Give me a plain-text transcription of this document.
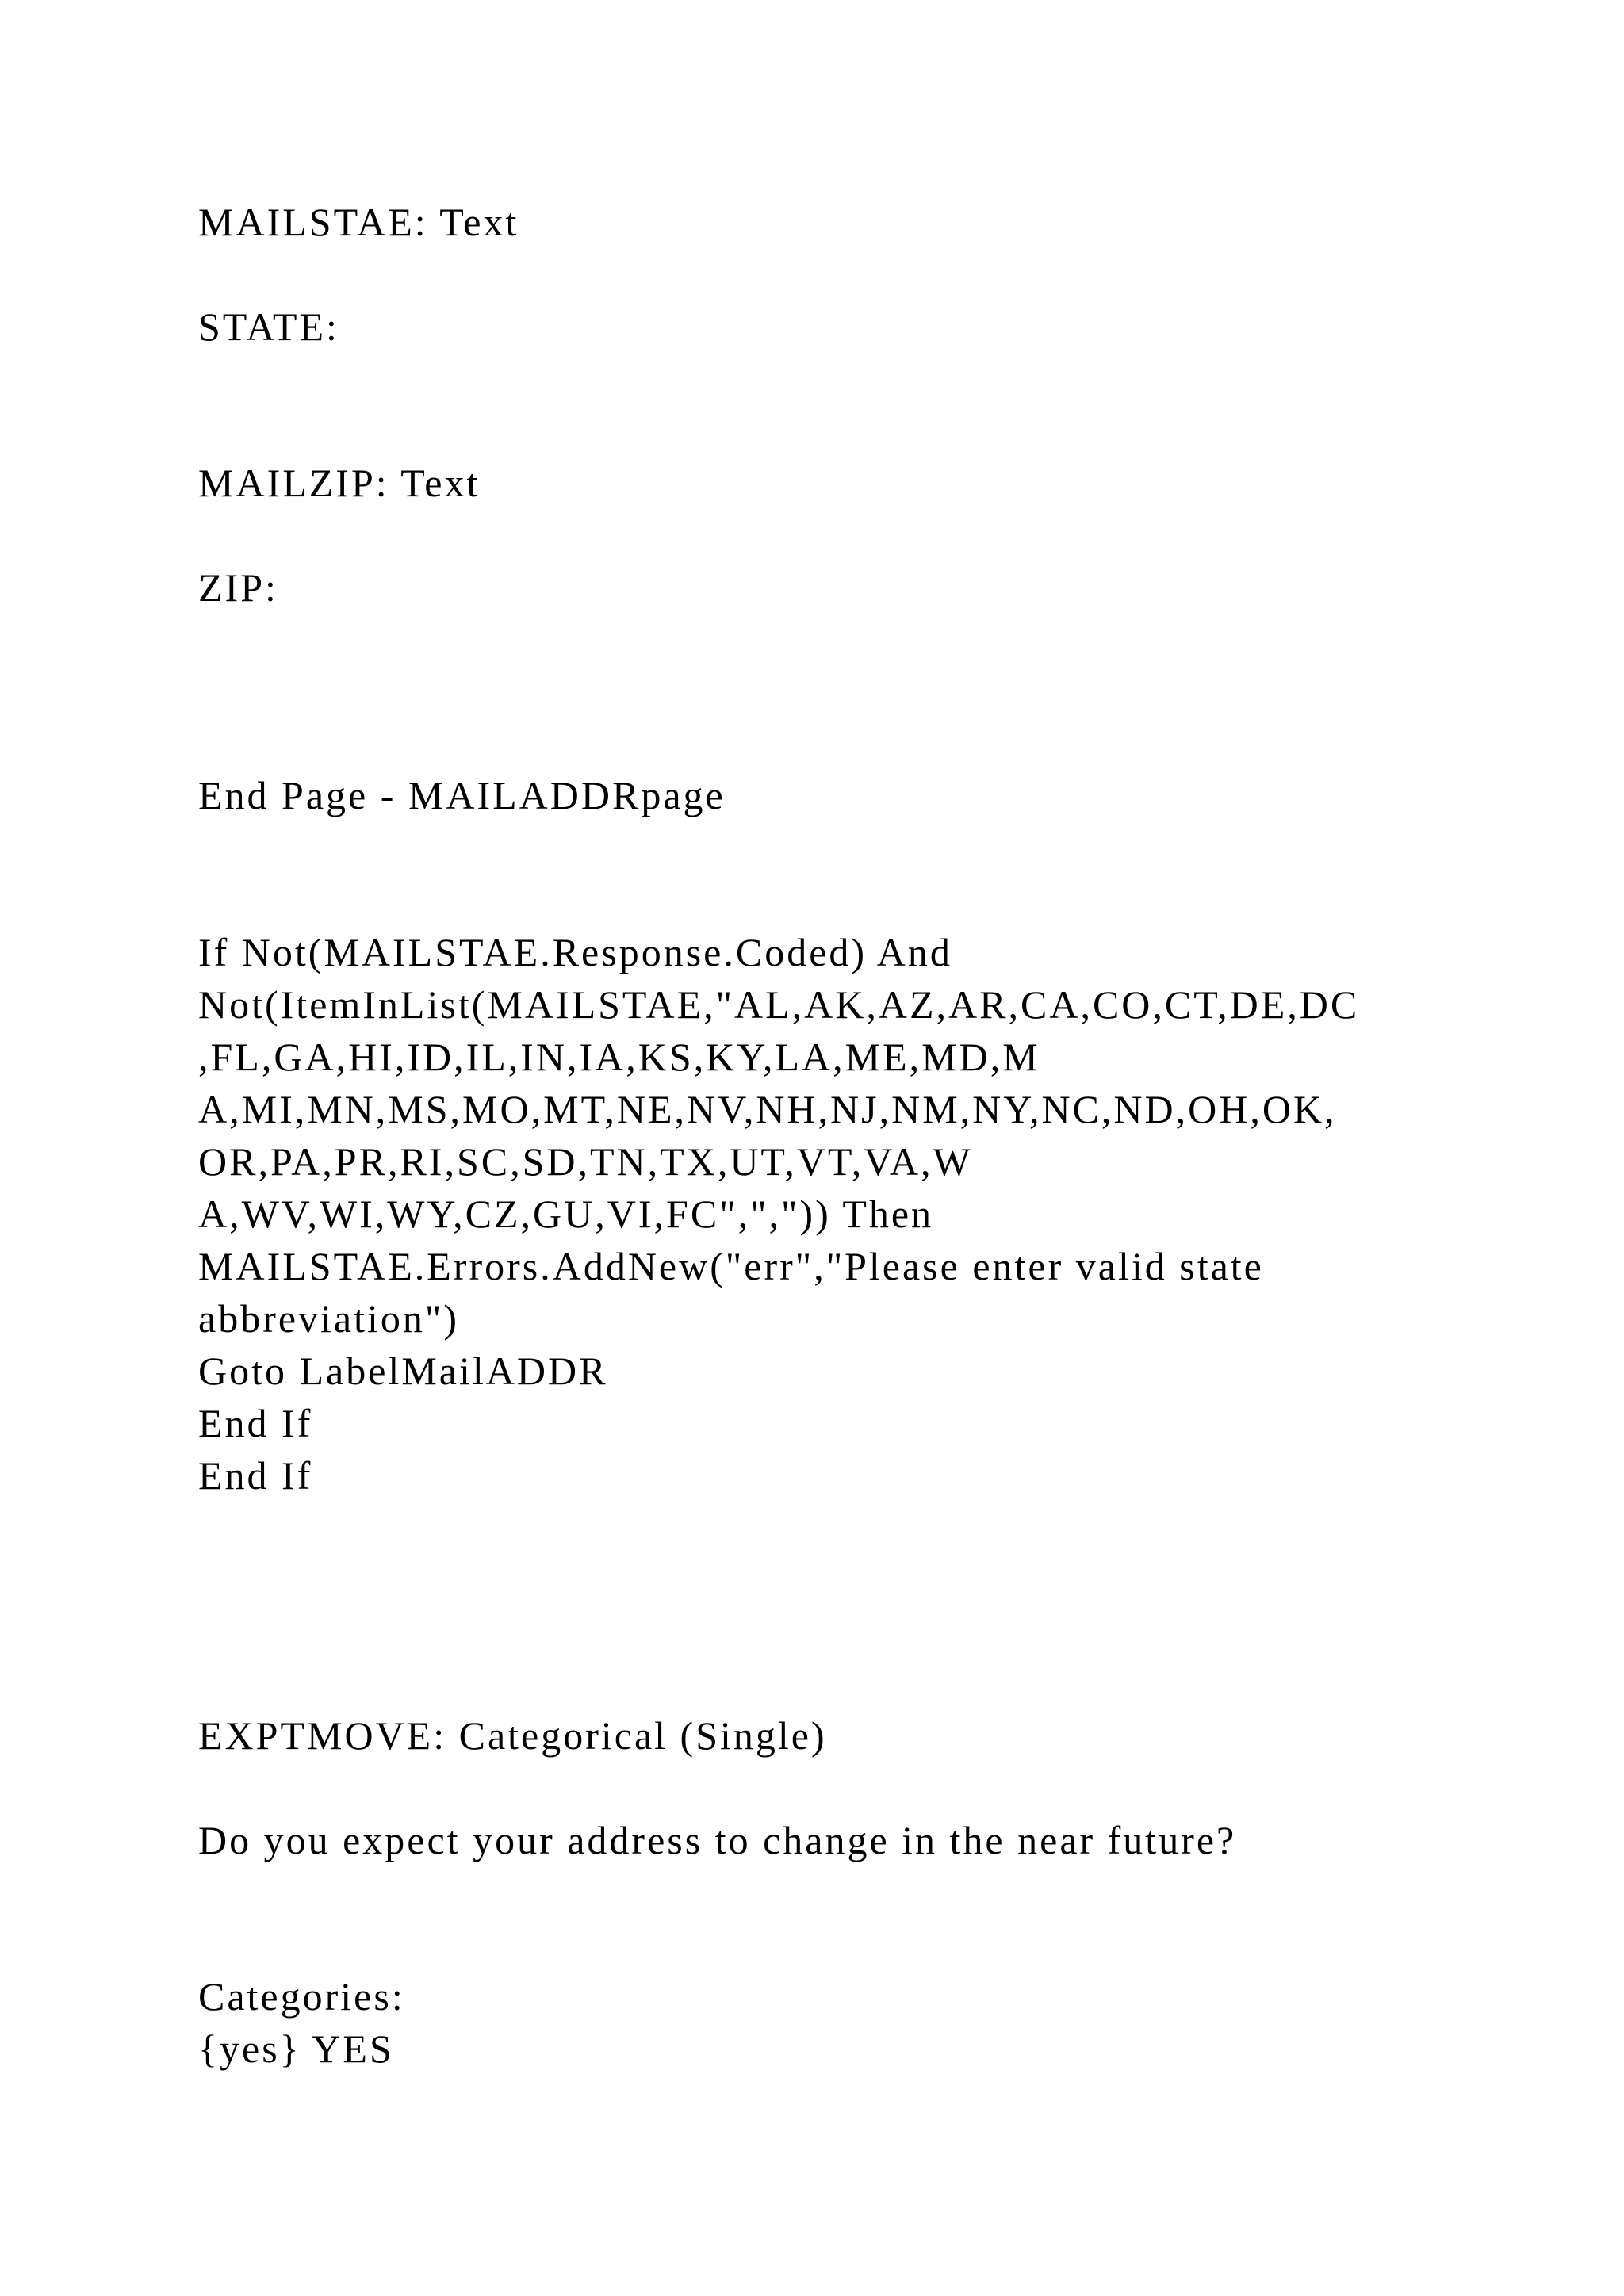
MAILSTAE: Text

STATE:

MAILZIP: Text

ZIP:

End Page - MAILADDRpage

If Not(MAILSTAE.Response.Coded) And

Not(ItemInList(MAILSTAE,"AL,AK,AZ,AR,CA,CO,CT,DE,DC

,FL,GA,HI,ID,IL,IN,IA,KS,KY,LA,ME,MD,M

A,MI,MN,MS,MO,MT,NE,NV,NH,NJ,NM,NY,NC,ND,OH,OK,

OR,PA,PR,RI,SC,SD,TN,TX,UT,VT,VA,W

A,WV,WI,WY,CZ,GU,VI,FC",",")) Then

MAILSTAE.Errors.AddNew("err","Please enter valid state

abbreviation")

Goto LabelMailADDR

End If

End If

EXPTMOVE: Categorical (Single)

Do you expect your address to change in the near future?

Categories:

{yes} YES
